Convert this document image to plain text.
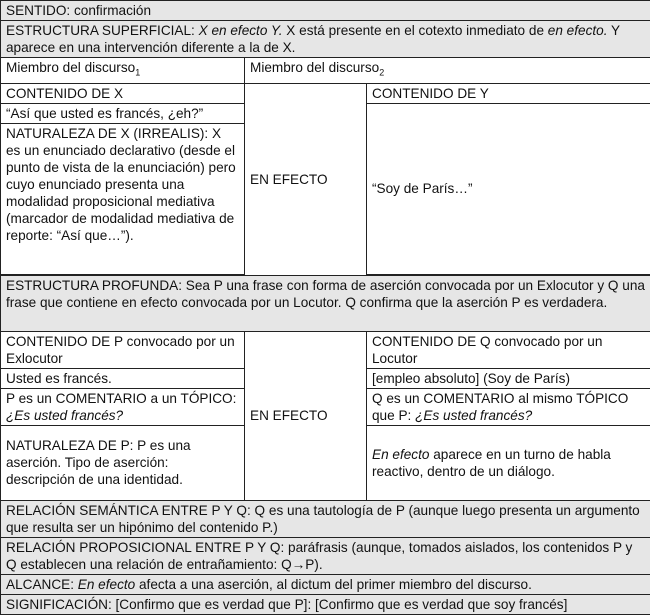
SENTIDO: confirmación		
ESTRUCTURA SUPERFICIAL: X en efecto Y. X está presente en el cotexto inmediato de en efecto. Y aparece en una intervención diferente a la de X.		
Miembro del discurso$_1$	Miembro del discurso$_2$
CONTENIDO DE X	EN EFECTO	CONTENIDO DE Y
“Así que usted es francés, ¿eh?”		“Soy de París…”
NATURALEZA DE X (IRREALIS): X es un enunciado declarativo (desde el punto de vista de la enunciación) pero cuyo enunciado presenta una modalidad proposicional mediativa (marcador de modalidad mediativa de reporte: “Así que…”).		

ESTRUCTURA PROFUNDA: Sea P una frase con forma de aserción convocada por un Exlocutor y Q una frase que contiene en efecto convocada por un Locutor. Q confirma que la aserción P es verdadera.		
CONTENIDO DE P convocado por un Exlocutor	EN EFECTO	CONTENIDO DE Q convocado por un Locutor
Usted es francés.		[empleo absoluto] (Soy de París)
P es un COMENTARIO a un TÓPICO: ¿Es usted francés?		Q es un COMENTARIO al mismo TÓPICO que P: ¿Es usted francés?
NATURALEZA DE P: P es una aserción. Tipo de aserción: descripción de una identidad.		En efecto aparece en un turno de habla reactivo, dentro de un diálogo.
RELACIÓN SEMÁNTICA ENTRE P Y Q: Q es una tautología de P (aunque luego presenta un argumento que resulta ser un hipónimo del contenido P.)		
RELACIÓN PROPOSICIONAL ENTRE P Y Q: paráfrasis (aunque, tomados aislados, los contenidos P y Q establecen una relación de entrañamiento: Q→P).		
ALCANCE: En efecto afecta a una aserción, al dictum del primer miembro del discurso.		
SIGNIFICACIÓN: [Confirmo que es verdad que P]: [Confirmo que es verdad que soy francés]		
